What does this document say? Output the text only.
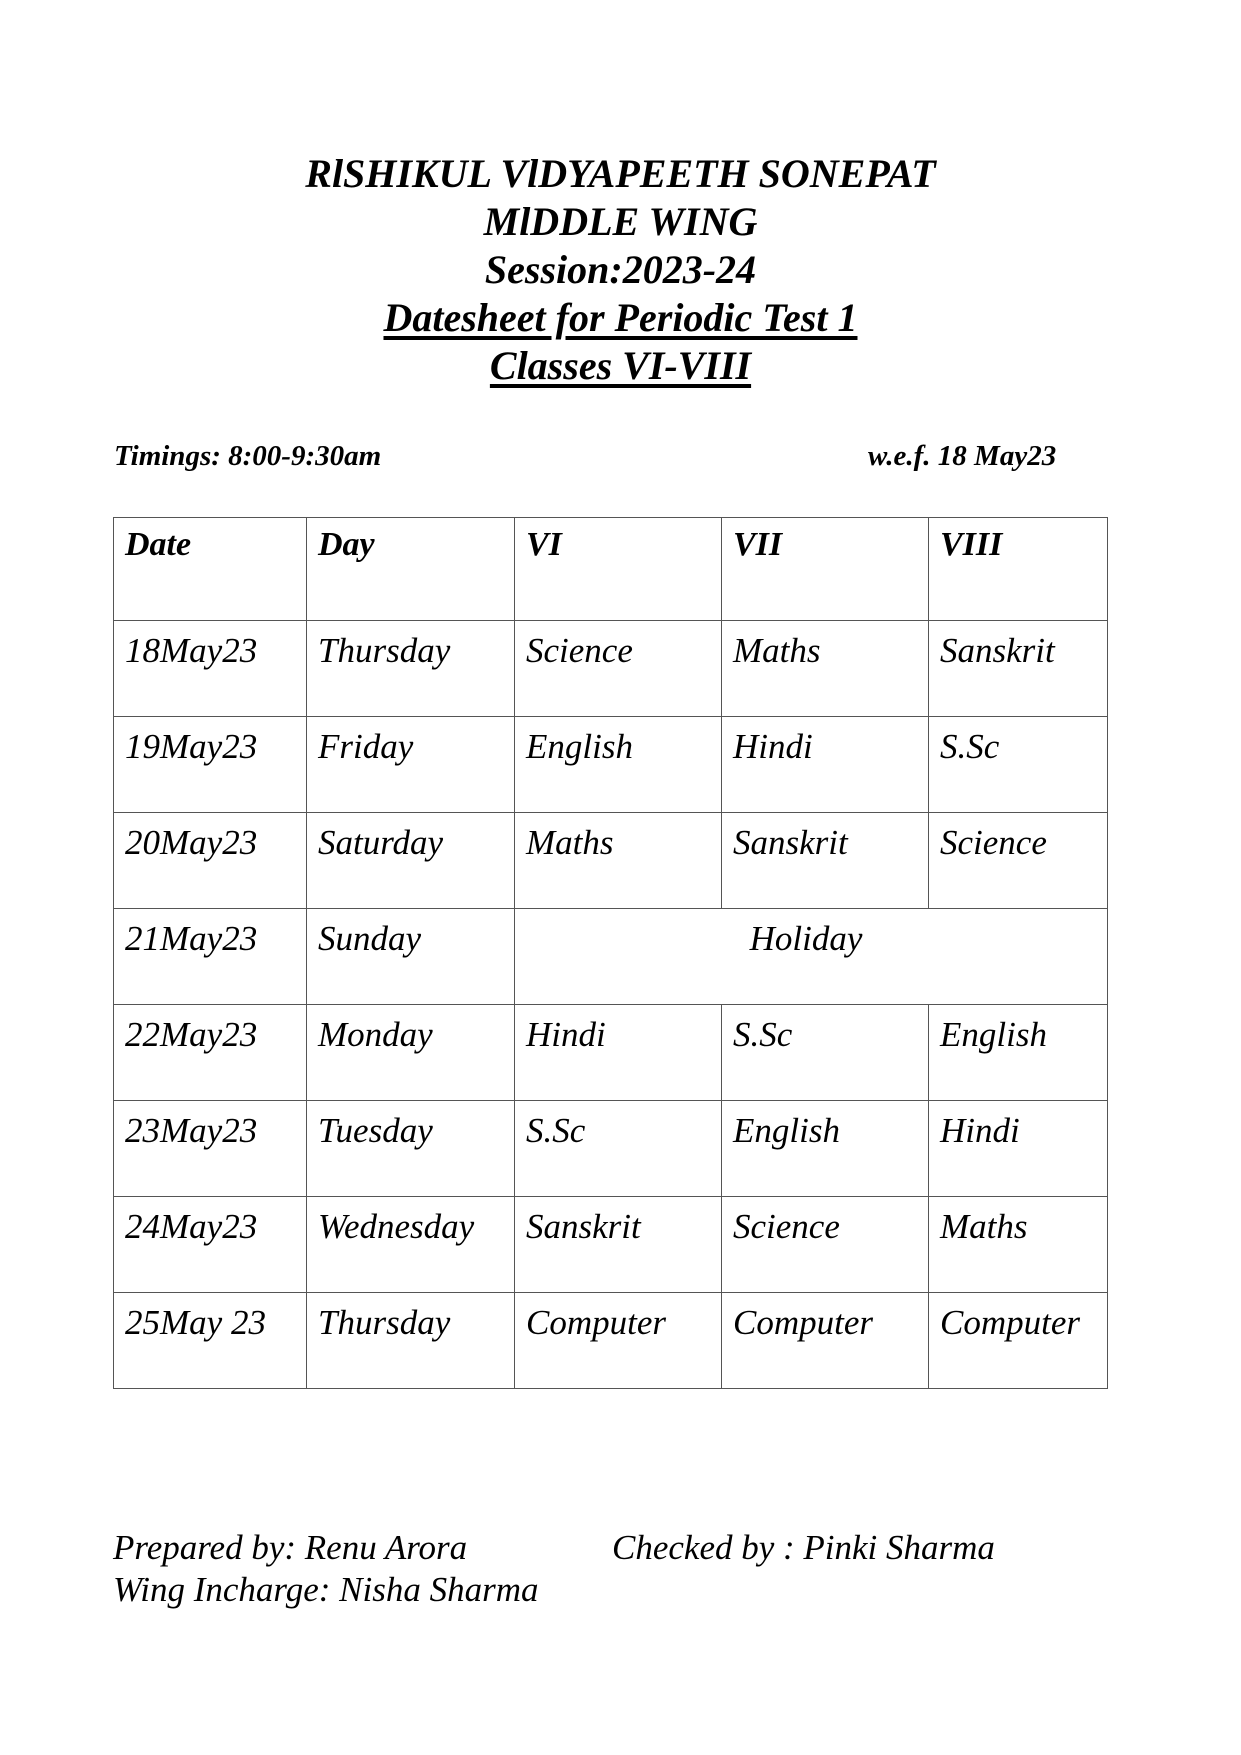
RlSHIKUL VlDYAPEETH SONEPAT
MlDDLE WING
Session:2023-24
Datesheet for Periodic Test 1
Classes VI-VIII
Timings: 8:00-9:30am	w.e.f. 18 May23
Date	Day	VI	VII	VIII
18May23	Thursday	Science	Maths	Sanskrit
19May23	Friday	English	Hindi	S.Sc
20May23	Saturday	Maths	Sanskrit	Science
21May23	Sunday	Holiday		
22May23	Monday	Hindi	S.Sc	English
23May23	Tuesday	S.Sc	English	Hindi
24May23	Wednesday	Sanskrit	Science	Maths
25May 23	Thursday	Computer	Computer	Computer
Prepared by: Renu Arora	Checked by : Pinki Sharma
Wing Incharge: Nisha Sharma
